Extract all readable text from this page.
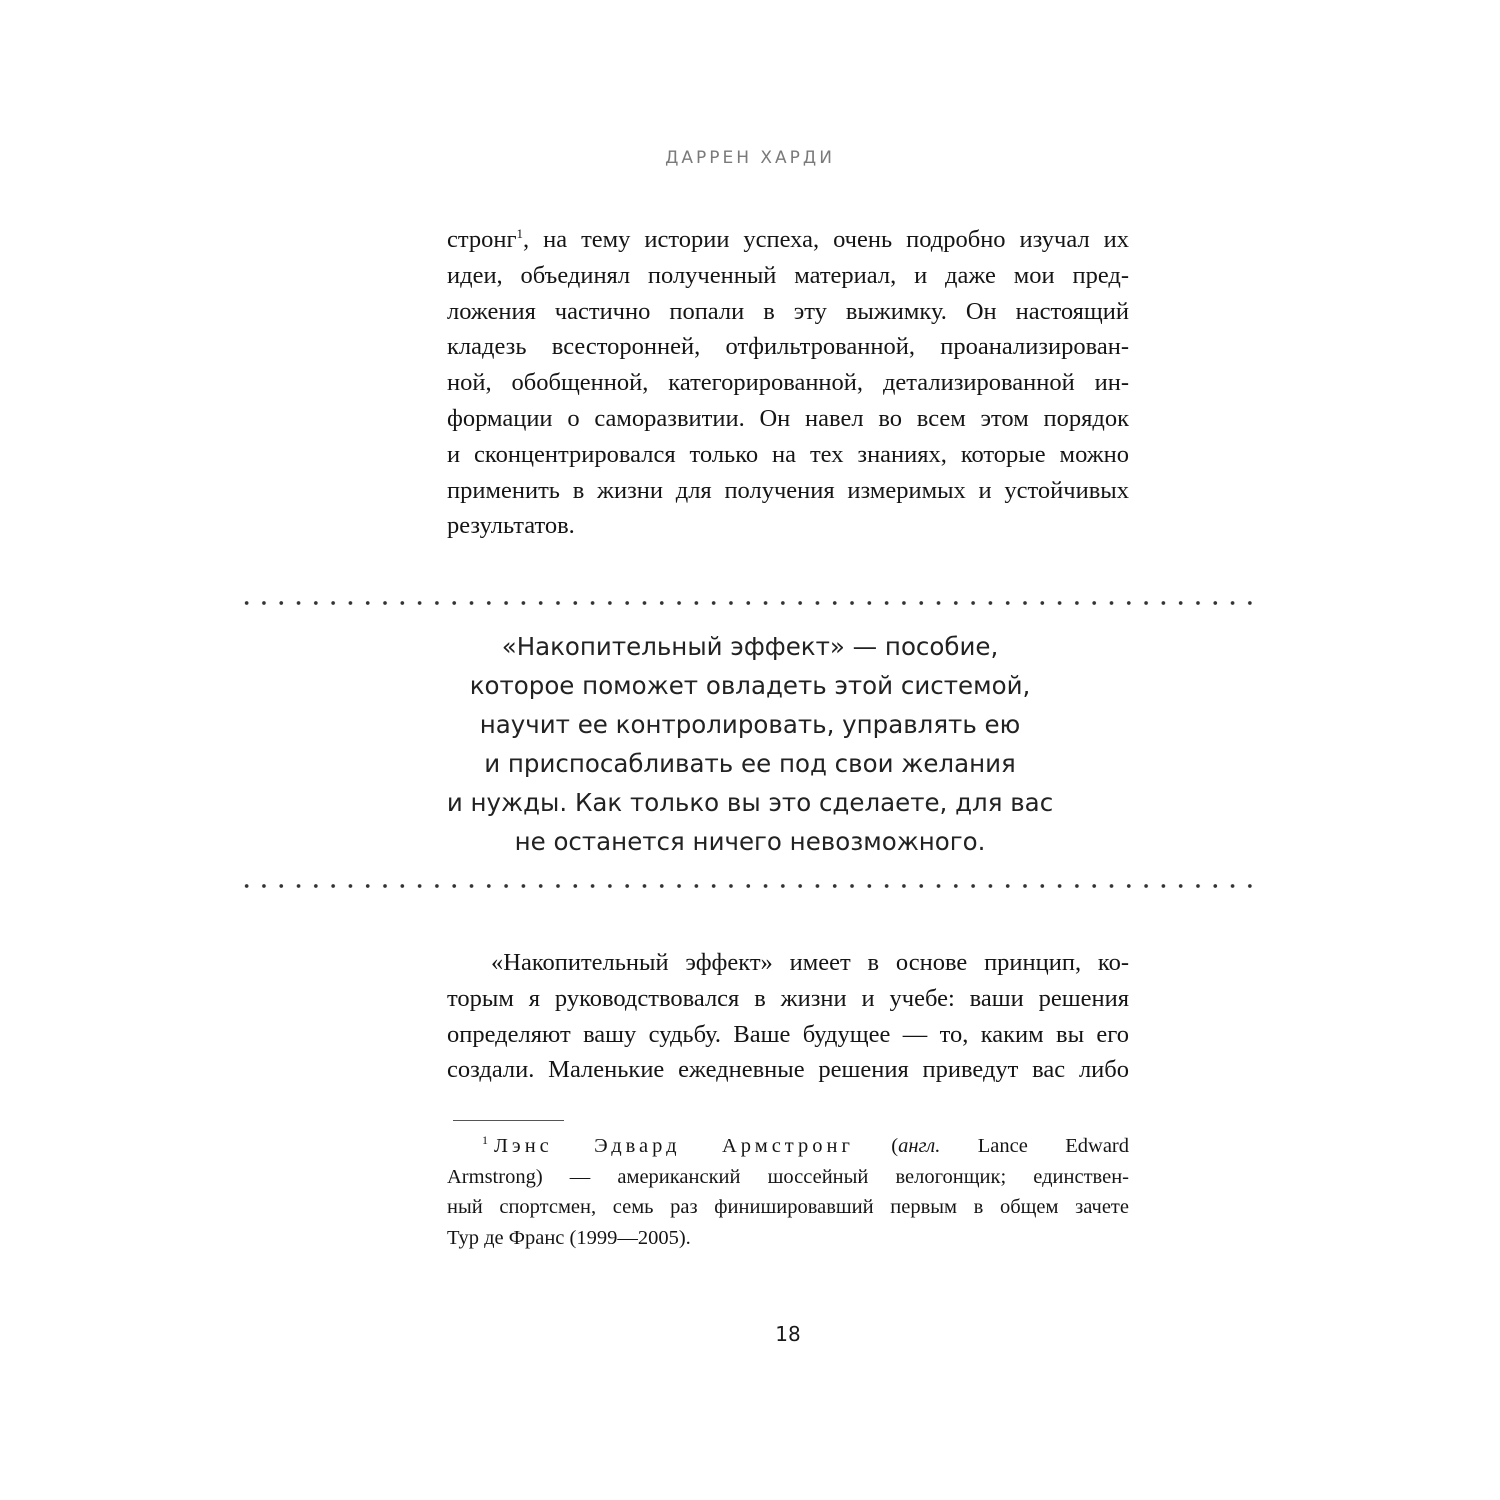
ДАРРЕН ХАРДИ
стронг$^1$, на тему истории успеха, очень подробно изучал их
идеи, объединял полученный материал, и даже мои пред-
ложения частично попали в эту выжимку. Он настоящий
кладезь всесторонней, отфильтрованной, проанализирован-
ной, обобщенной, категорированной, детализированной ин-
формации о саморазвитии. Он навел во всем этом порядок
и сконцентрировался только на тех знаниях, которые можно
применить в жизни для получения измеримых и устойчивых
результатов.
«Накопительный эффект» — пособие,
которое поможет овладеть этой системой,
научит ее контролировать, управлять ею
и приспосабливать ее под свои желания
и нужды. Как только вы это сделаете, для вас
не останется ничего невозможного.
«Накопительный эффект» имеет в основе принцип, ко-
торым я руководствовался в жизни и учебе: ваши решения
определяют вашу судьбу. Ваше будущее — то, каким вы его
создали. Маленькие ежедневные решения приведут вас либо
$^1$ Лэнс Эдвард Армстронг (англ. Lance Edward
Armstrong) — американский шоссейный велогонщик; единствен-
ный спортсмен, семь раз финишировавший первым в общем зачете
Тур де Франс (1999—2005).
18
